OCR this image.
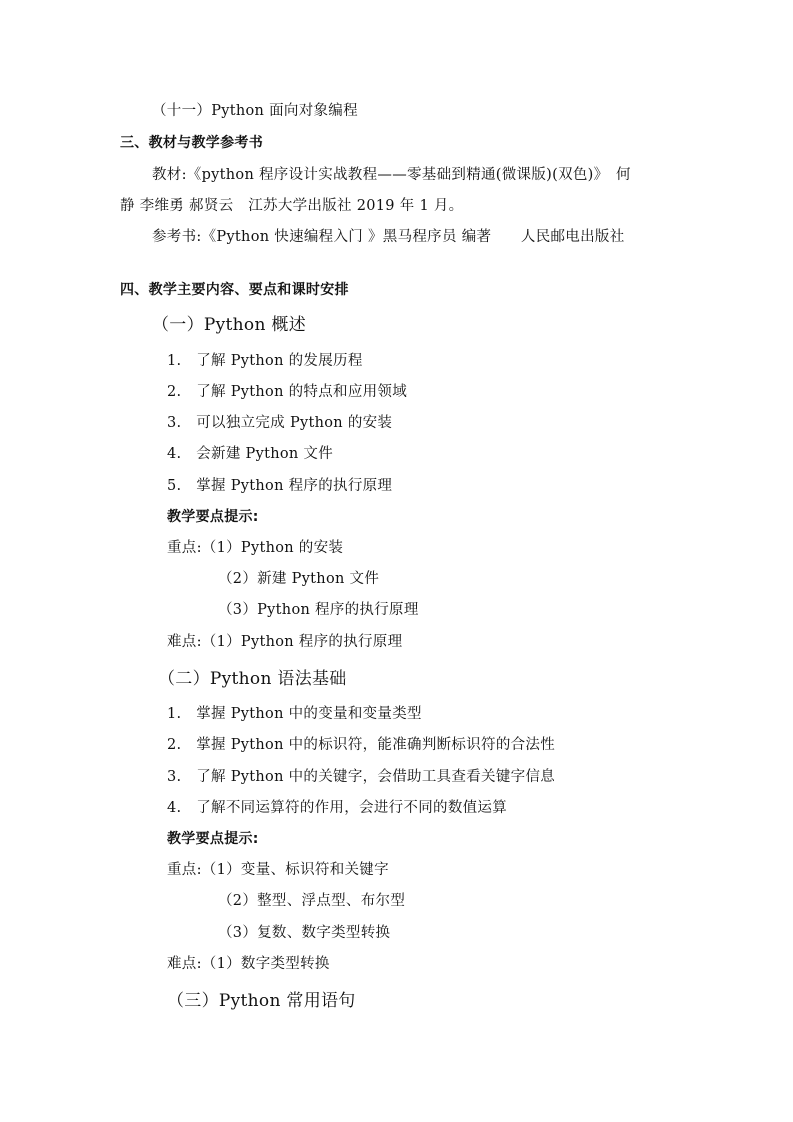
（十一）Python 面向对象编程
三、教材与教学参考书
教材:《python 程序设计实战教程——零基础到精通(微课版)(双色)》　何
静 李维勇 郝贤云　江苏大学出版社 2019 年 1 月。
参考书:《Python 快速编程入门 》黑马程序员 编著　　人民邮电出版社
四、教学主要内容、要点和课时安排
（一）Python 概述
1.　了解 Python 的发展历程
2.　了解 Python 的特点和应用领域
3.　可以独立完成 Python 的安装
4.　会新建 Python 文件
5.　掌握 Python 程序的执行原理
教学要点提示:
重点:（1）Python 的安装
（2）新建 Python 文件
（3）Python 程序的执行原理
难点:（1）Python 程序的执行原理
（二）Python 语法基础
1.　掌握 Python 中的变量和变量类型
2.　掌握 Python 中的标识符，能准确判断标识符的合法性
3.　了解 Python 中的关键字，会借助工具查看关键字信息
4.　了解不同运算符的作用，会进行不同的数值运算
教学要点提示:
重点:（1）变量、标识符和关键字
（2）整型、浮点型、布尔型
（3）复数、数字类型转换
难点:（1）数字类型转换
（三）Python 常用语句
